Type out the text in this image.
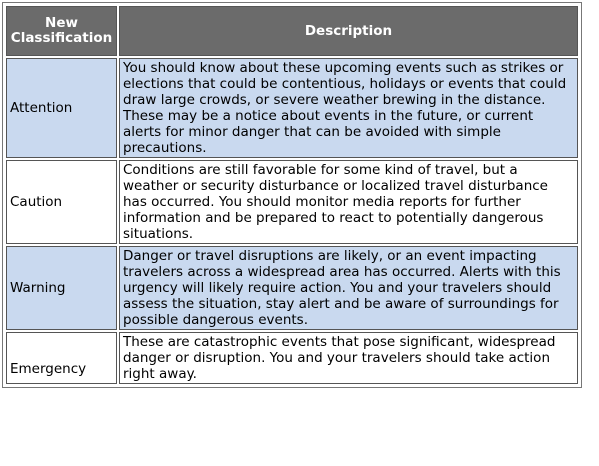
New Classification	Description
Attention	You should know about these upcoming events such as strikes or elections that could be contentious, holidays or events that could draw large crowds, or severe weather brewing in the distance. These may be a notice about events in the future, or current alerts for minor danger that can be avoided with simple precautions.
Caution	Conditions are still favorable for some kind of travel, but a weather or security disturbance or localized travel disturbance has occurred. You should monitor media reports for further information and be prepared to react to potentially dangerous situations.
Warning	Danger or travel disruptions are likely, or an event impacting travelers across a widespread area has occurred. Alerts with this urgency will likely require action. You and your travelers should assess the situation, stay alert and be aware of surroundings for possible dangerous events.
Emergency	These are catastrophic events that pose significant, widespread danger or disruption. You and your travelers should take action right away.
